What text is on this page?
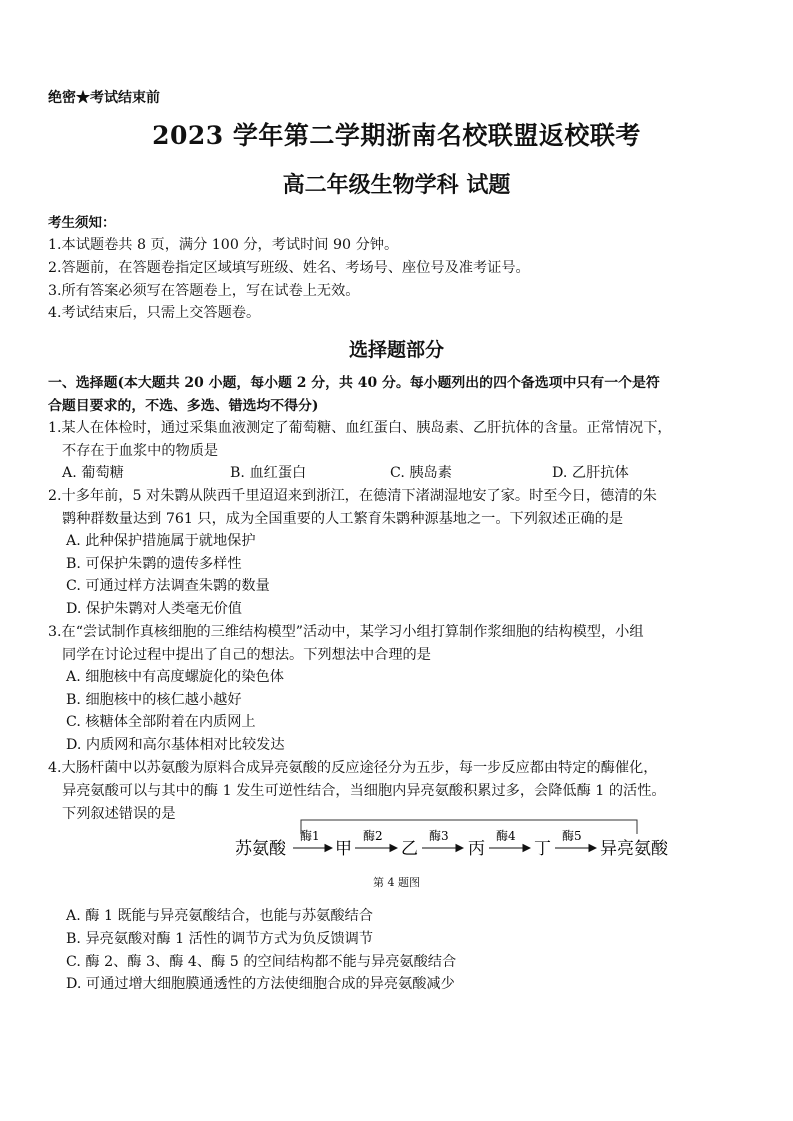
绝密★考试结束前
2023 学年第二学期浙南名校联盟返校联考
高二年级生物学科 试题
考生须知：
1.本试题卷共 8 页，满分 100 分，考试时间 90 分钟。
2.答题前，在答题卷指定区域填写班级、姓名、考场号、座位号及准考证号。
3.所有答案必须写在答题卷上，写在试卷上无效。
4.考试结束后，只需上交答题卷。
选择题部分
一、选择题(本大题共 20 小题，每小题 2 分，共 40 分。每小题列出的四个备选项中只有一个是符
合题目要求的，不选、多选、错选均不得分)
1.某人在体检时，通过采集血液测定了葡萄糖、血红蛋白、胰岛素、乙肝抗体的含量。正常情况下，
不存在于血浆中的物质是
A. 葡萄糖	B. 血红蛋白	C. 胰岛素	D. 乙肝抗体
2.十多年前，5 对朱鹮从陕西千里迢迢来到浙江，在德清下渚湖湿地安了家。时至今日，德清的朱
鹮种群数量达到 761 只，成为全国重要的人工繁育朱鹮种源基地之一。下列叙述正确的是
A. 此种保护措施属于就地保护
B. 可保护朱鹮的遗传多样性
C. 可通过样方法调查朱鹮的数量
D. 保护朱鹮对人类毫无价值
3.在“尝试制作真核细胞的三维结构模型”活动中，某学习小组打算制作浆细胞的结构模型，小组
同学在讨论过程中提出了自己的想法。下列想法中合理的是
A. 细胞核中有高度螺旋化的染色体
B. 细胞核中的核仁越小越好
C. 核糖体全部附着在内质网上
D. 内质网和高尔基体相对比较发达
4.大肠杆菌中以苏氨酸为原料合成异亮氨酸的反应途径分为五步，每一步反应都由特定的酶催化，
异亮氨酸可以与其中的酶 1 发生可逆性结合，当细胞内异亮氨酸积累过多，会降低酶 1 的活性。
下列叙述错误的是
苏氨酸
酶1
甲
酶2
乙
酶3
丙
酶4
丁
酶5
异亮氨酸
第 4 题图
A. 酶 1 既能与异亮氨酸结合，也能与苏氨酸结合
B. 异亮氨酸对酶 1 活性的调节方式为负反馈调节
C. 酶 2、酶 3、酶 4、酶 5 的空间结构都不能与异亮氨酸结合
D. 可通过增大细胞膜通透性的方法使细胞合成的异亮氨酸减少
